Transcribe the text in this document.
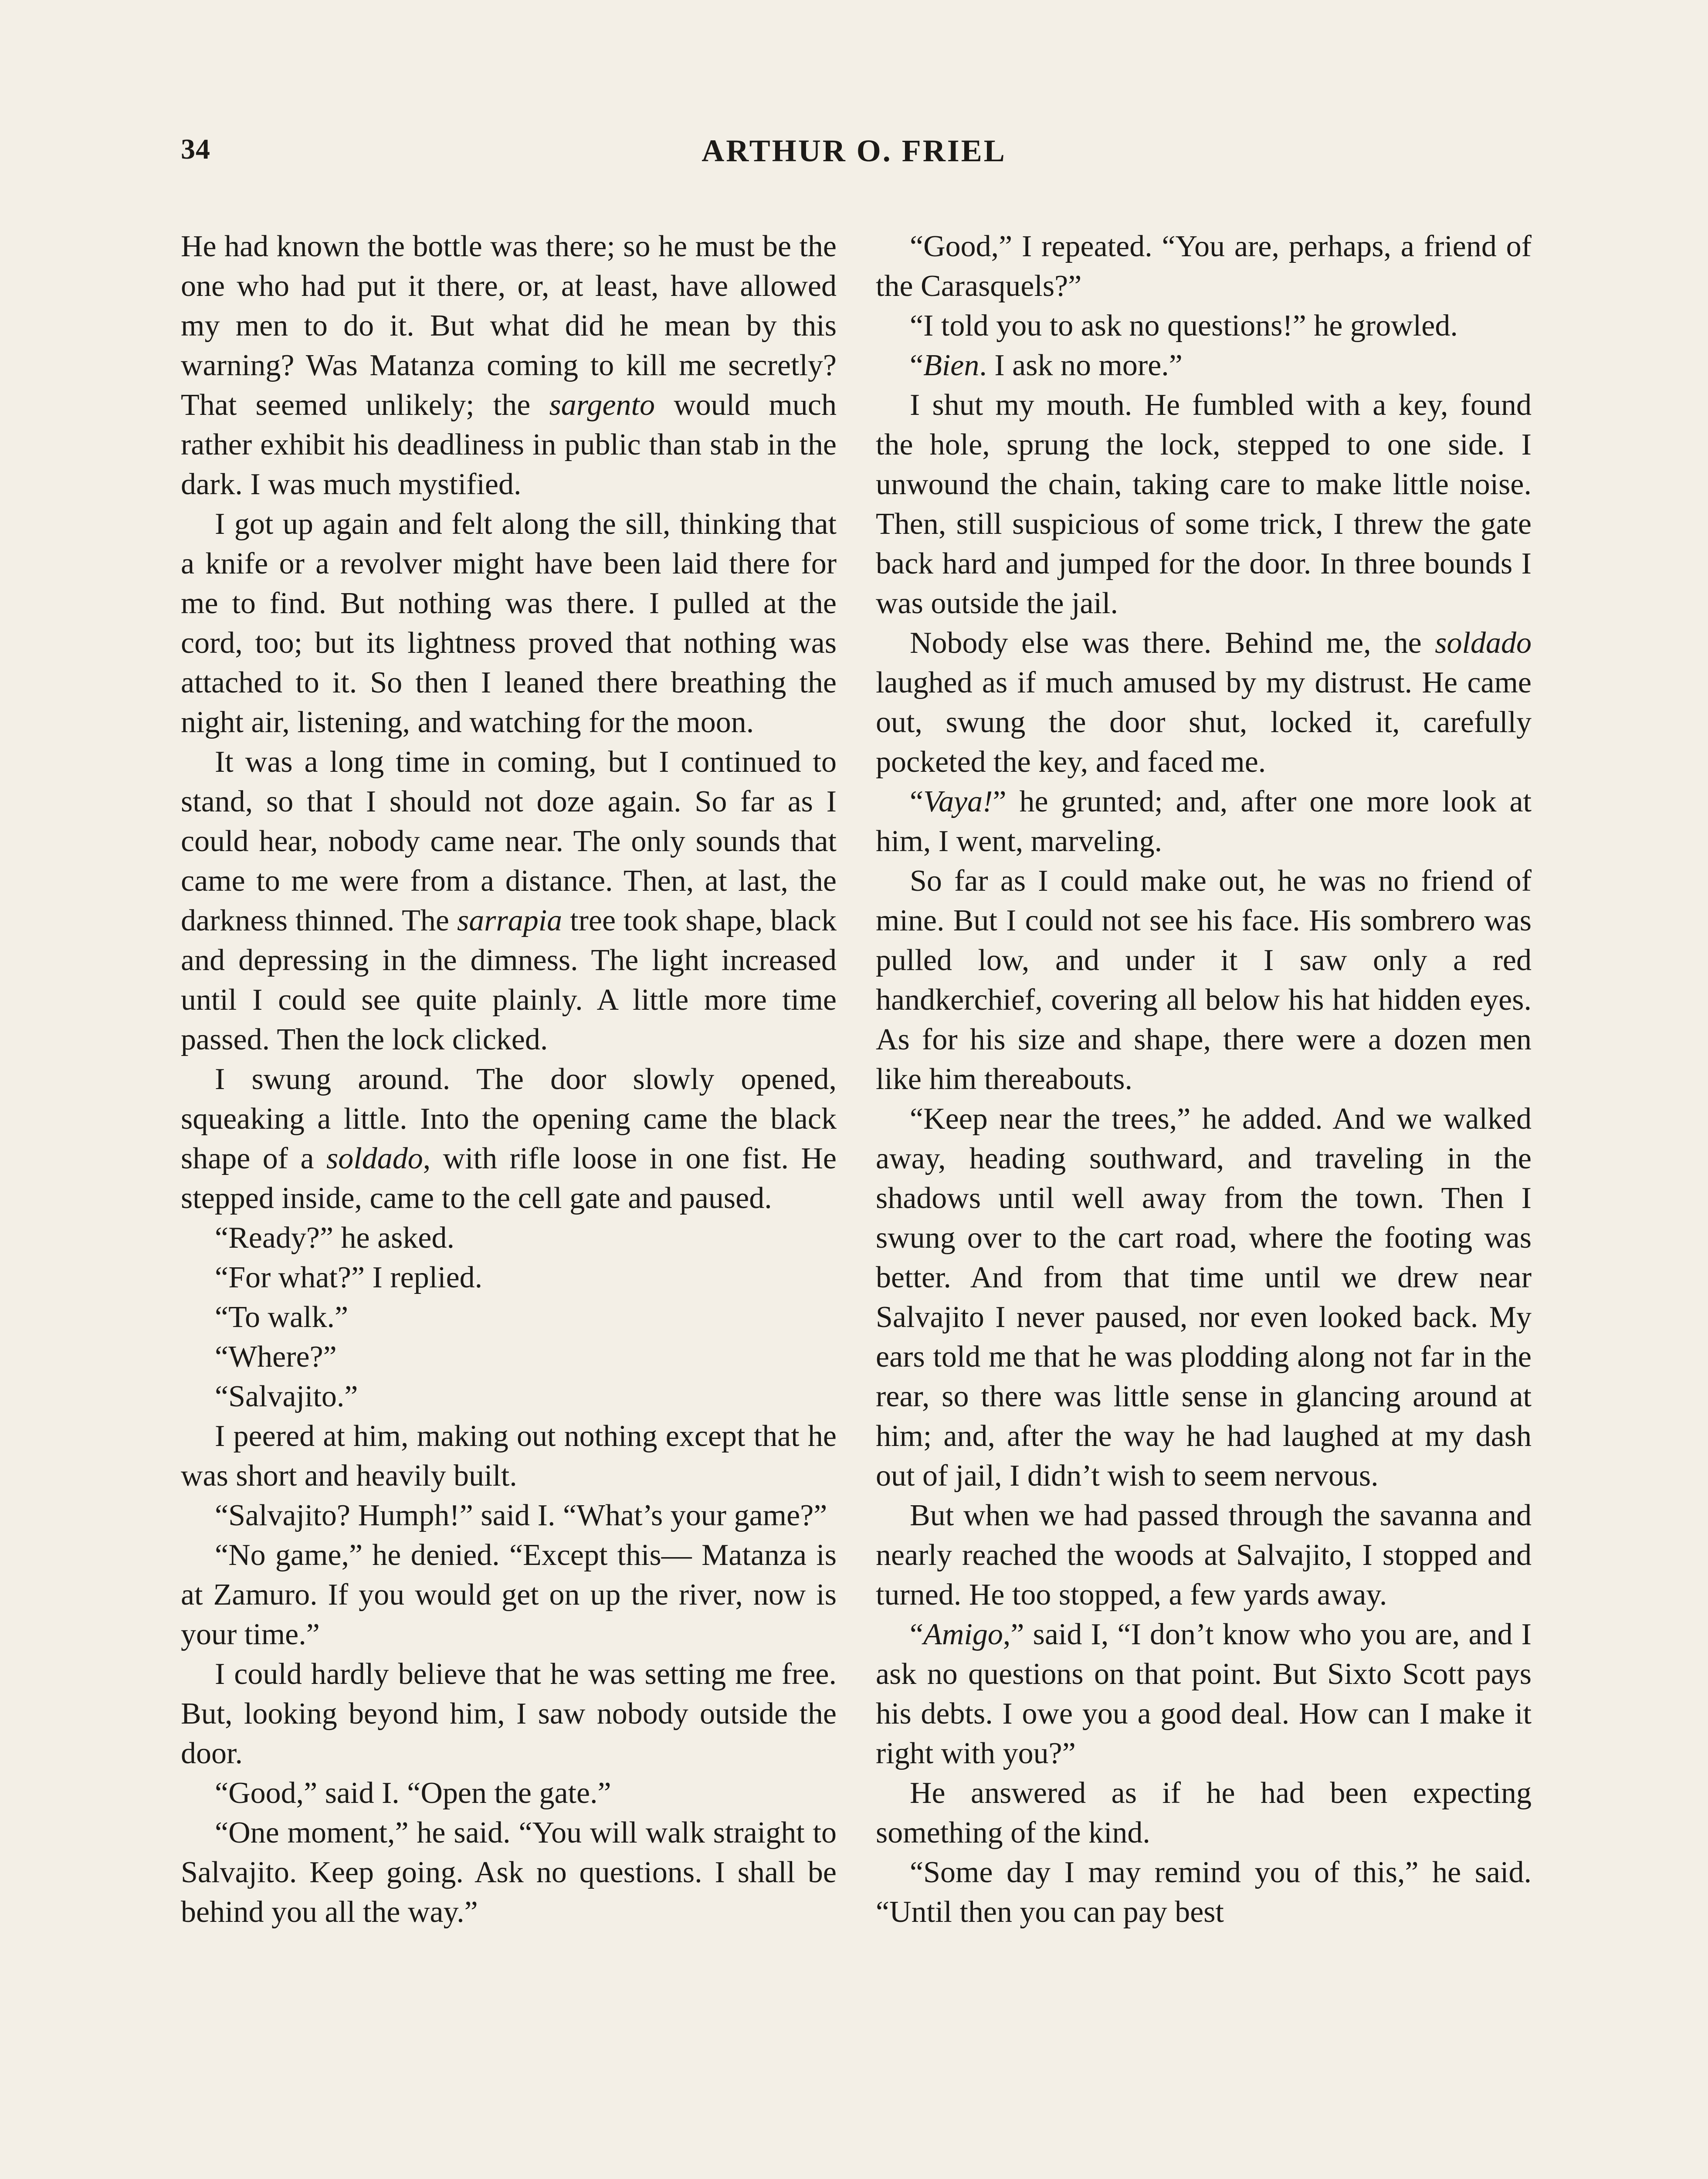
34	ARTHUR O. FRIEL

He had known the bottle was there; so he must be the one who had put it there, or, at least, have allowed my men to do it. But what did he mean by this warning? Was Matanza coming to kill me secretly? That seemed unlikely; the sargento would much rather exhibit his deadliness in public than stab in the dark. I was much mystified.

I got up again and felt along the sill, thinking that a knife or a revolver might have been laid there for me to find. But nothing was there. I pulled at the cord, too; but its lightness proved that nothing was attached to it. So then I leaned there breathing the night air, listening, and watching for the moon.

It was a long time in coming, but I continued to stand, so that I should not doze again. So far as I could hear, nobody came near. The only sounds that came to me were from a distance. Then, at last, the darkness thinned. The sarrapia tree took shape, black and depressing in the dimness. The light increased until I could see quite plainly. A little more time passed. Then the lock clicked.

I swung around. The door slowly opened, squeaking a little. Into the opening came the black shape of a soldado, with rifle loose in one fist. He stepped inside, came to the cell gate and paused.

“Ready?” he asked.

“For what?” I replied.

“To walk.”

“Where?”

“Salvajito.”

I peered at him, making out nothing except that he was short and heavily built.

“Salvajito? Humph!” said I. “What’s your game?”

“No game,” he denied. “Except this— Matanza is at Zamuro. If you would get on up the river, now is your time.”

I could hardly believe that he was setting me free. But, looking beyond him, I saw nobody outside the door.

“Good,” said I. “Open the gate.”

“One moment,” he said. “You will walk straight to Salvajito. Keep going. Ask no questions. I shall be behind you all the way.”

“Good,” I repeated. “You are, perhaps, a friend of the Carasquels?”

“I told you to ask no questions!” he growled.

“Bien. I ask no more.”

I shut my mouth. He fumbled with a key, found the hole, sprung the lock, stepped to one side. I unwound the chain, taking care to make little noise. Then, still suspicious of some trick, I threw the gate back hard and jumped for the door. In three bounds I was outside the jail.

Nobody else was there. Behind me, the soldado laughed as if much amused by my distrust. He came out, swung the door shut, locked it, carefully pocketed the key, and faced me.

“Vaya!” he grunted; and, after one more look at him, I went, marveling.

So far as I could make out, he was no friend of mine. But I could not see his face. His sombrero was pulled low, and under it I saw only a red handkerchief, covering all below his hat hidden eyes. As for his size and shape, there were a dozen men like him thereabouts.

“Keep near the trees,” he added. And we walked away, heading southward, and traveling in the shadows until well away from the town. Then I swung over to the cart road, where the footing was better. And from that time until we drew near Salvajito I never paused, nor even looked back. My ears told me that he was plodding along not far in the rear, so there was little sense in glancing around at him; and, after the way he had laughed at my dash out of jail, I didn’t wish to seem nervous.

But when we had passed through the savanna and nearly reached the woods at Salvajito, I stopped and turned. He too stopped, a few yards away.

“Amigo,” said I, “I don’t know who you are, and I ask no questions on that point. But Sixto Scott pays his debts. I owe you a good deal. How can I make it right with you?”

He answered as if he had been expecting something of the kind.

“Some day I may remind you of this,” he said. “Until then you can pay best
